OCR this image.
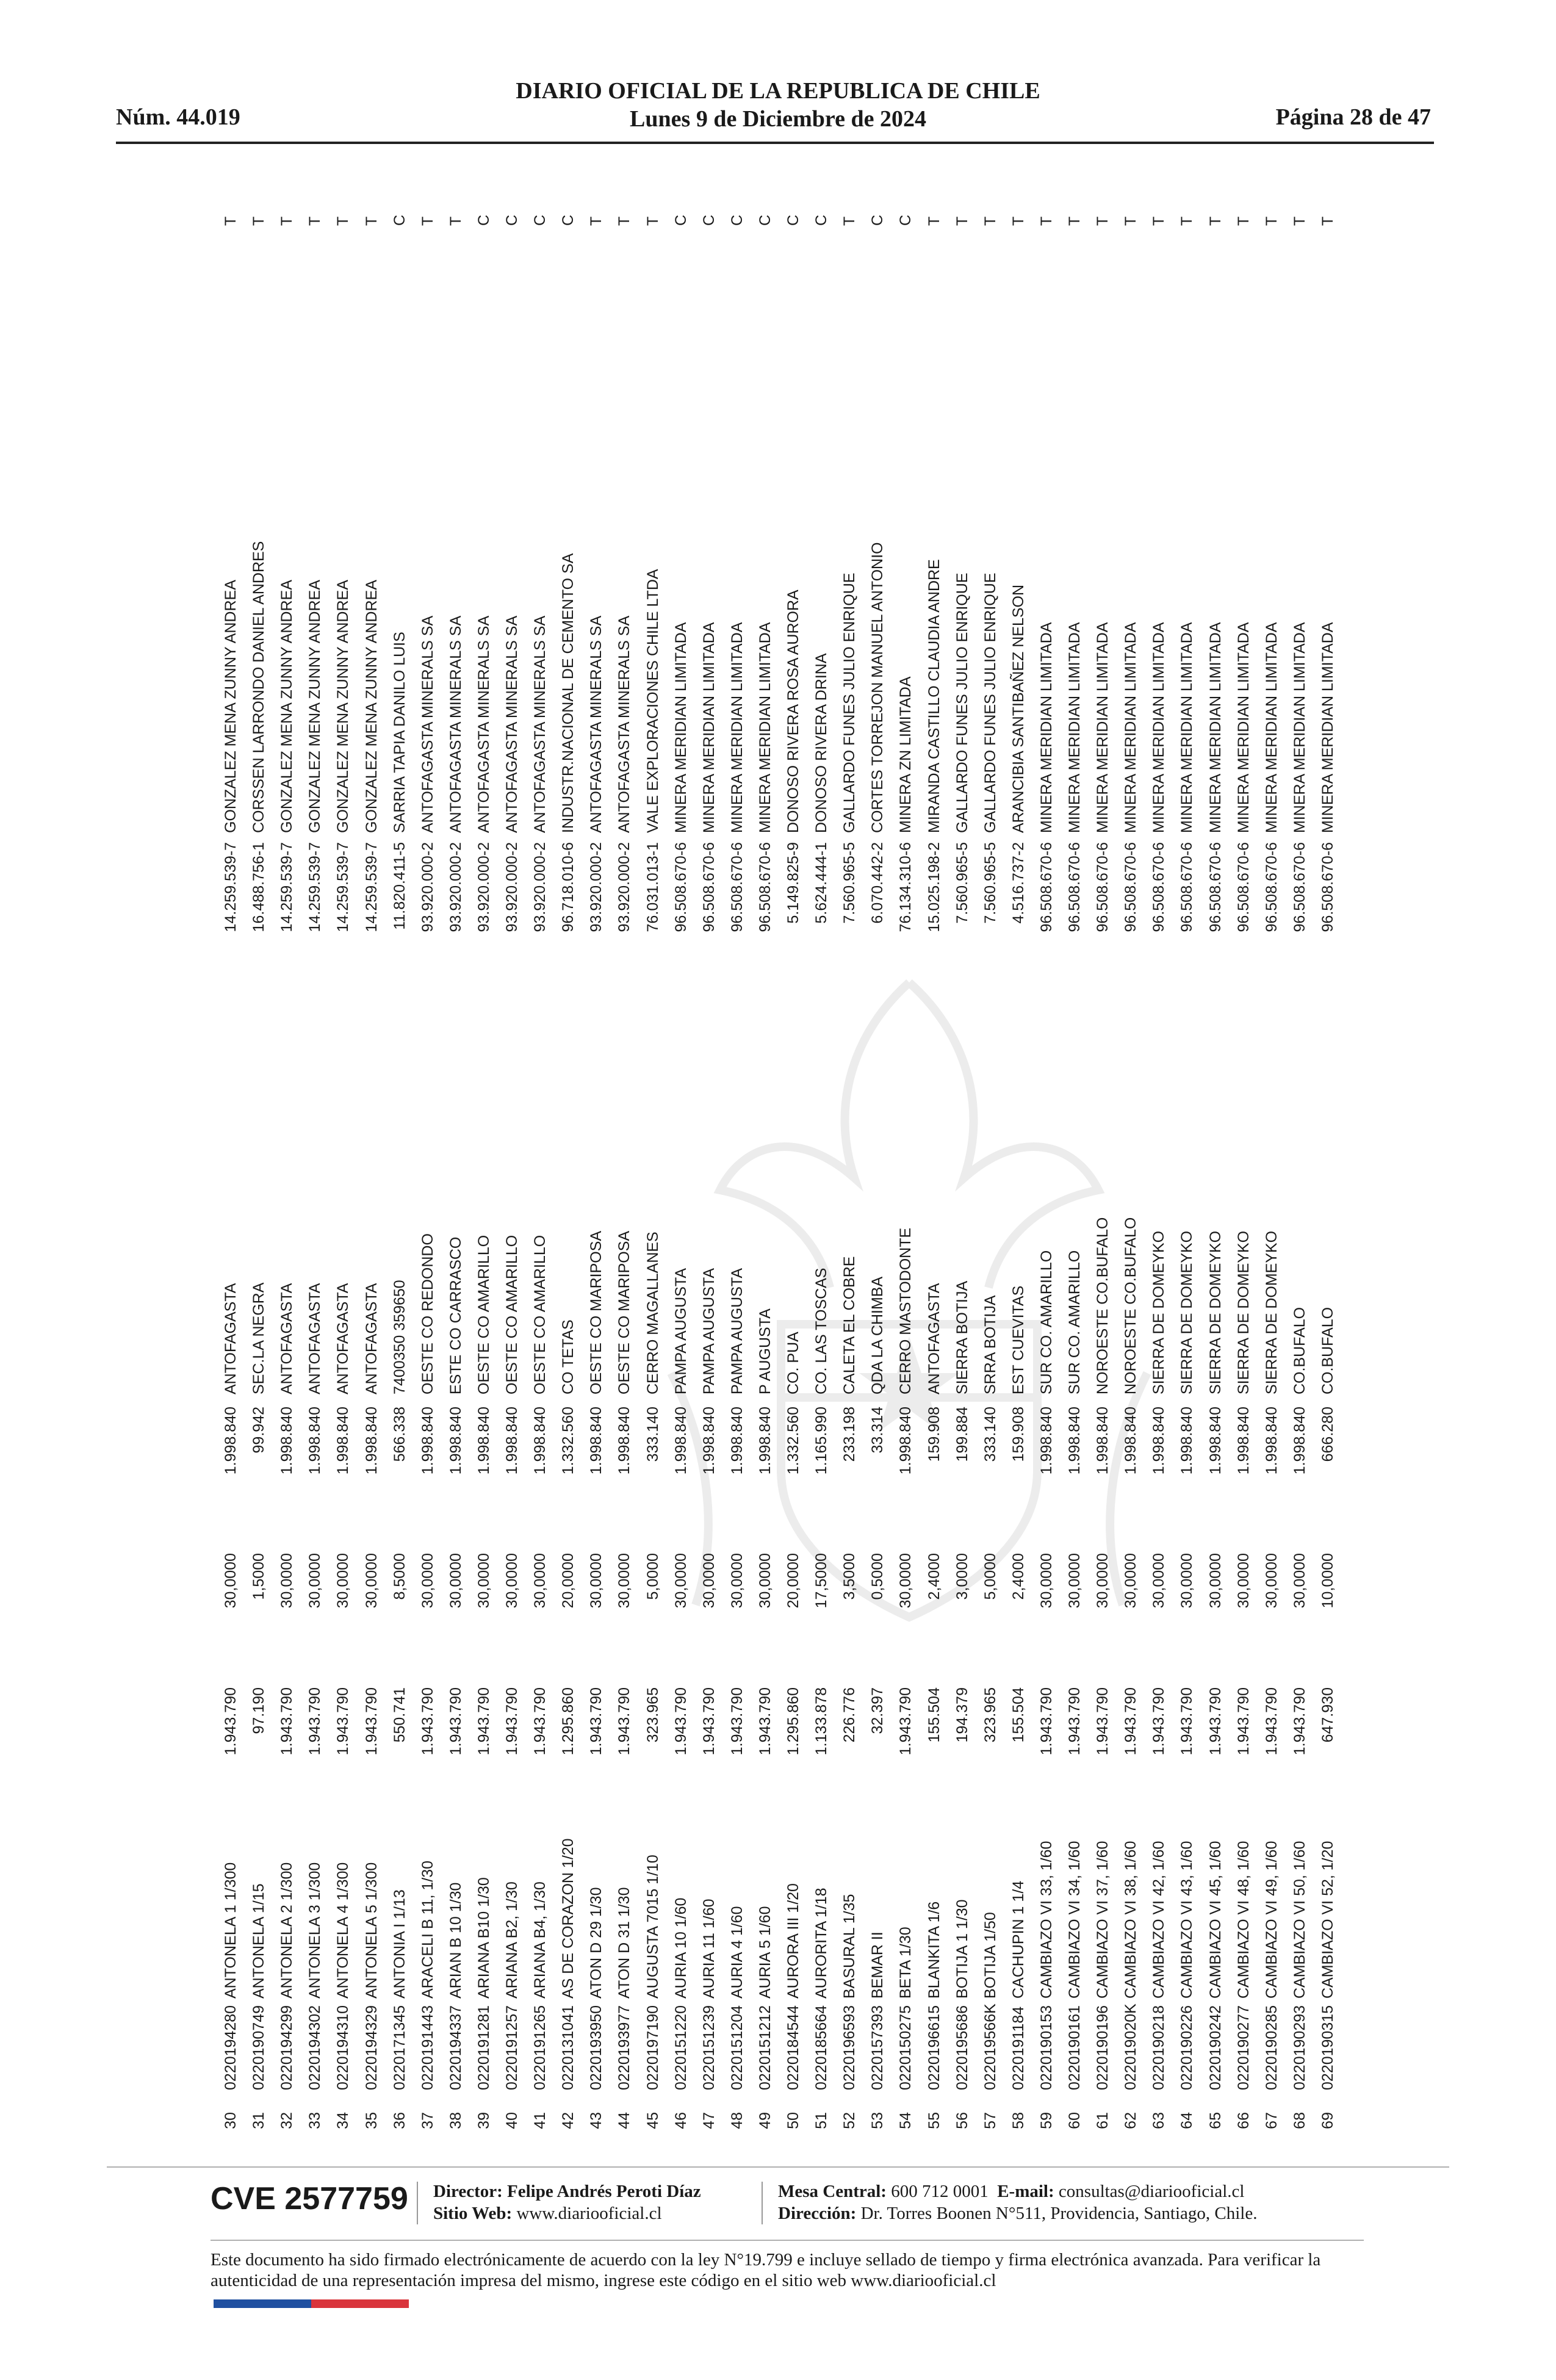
Núm. 44.019
DIARIO OFICIAL DE LA REPUBLICA DE CHILE
Lunes 9 de Diciembre de 2024	Página 28 de 47
30
0220194280
ANTONELA 1 1/300
1.943.790
30,0000
1.998.840
ANTOFAGASTA
14.259.539-7
GONZALEZ MENA ZUNNY ANDREA
T
31
0220190749
ANTONELA 1/15
97.190
1,5000
99.942
SEC.LA NEGRA
16.488.756-1
CORSSEN LARRONDO DANIEL ANDRES
T
32
0220194299
ANTONELA 2 1/300
1.943.790
30,0000
1.998.840
ANTOFAGASTA
14.259.539-7
GONZALEZ MENA ZUNNY ANDREA
T
33
0220194302
ANTONELA 3 1/300
1.943.790
30,0000
1.998.840
ANTOFAGASTA
14.259.539-7
GONZALEZ MENA ZUNNY ANDREA
T
34
0220194310
ANTONELA 4 1/300
1.943.790
30,0000
1.998.840
ANTOFAGASTA
14.259.539-7
GONZALEZ MENA ZUNNY ANDREA
T
35
0220194329
ANTONELA 5 1/300
1.943.790
30,0000
1.998.840
ANTOFAGASTA
14.259.539-7
GONZALEZ MENA ZUNNY ANDREA
T
36
0220171345
ANTONIA I 1/13
550.741
8,5000
566.338
7400350 359650
11.820.411-5
SARRIA TAPIA DANILO LUIS
C
37
0220191443
ARACELI B 11, 1/30
1.943.790
30,0000
1.998.840
OESTE CO REDONDO
93.920.000-2
ANTOFAGASTA MINERALS SA
T
38
0220194337
ARIAN B 10 1/30
1.943.790
30,0000
1.998.840
ESTE CO CARRASCO
93.920.000-2
ANTOFAGASTA MINERALS SA
T
39
0220191281
ARIANA B10 1/30
1.943.790
30,0000
1.998.840
OESTE CO AMARILLO
93.920.000-2
ANTOFAGASTA MINERALS SA
C
40
0220191257
ARIANA B2, 1/30
1.943.790
30,0000
1.998.840
OESTE CO AMARILLO
93.920.000-2
ANTOFAGASTA MINERALS SA
C
41
0220191265
ARIANA B4, 1/30
1.943.790
30,0000
1.998.840
OESTE CO AMARILLO
93.920.000-2
ANTOFAGASTA MINERALS SA
C
42
0220131041
AS DE CORAZON 1/20
1.295.860
20,0000
1.332.560
CO TETAS
96.718.010-6
INDUSTR.NACIONAL DE CEMENTO SA
C
43
0220193950
ATON D 29 1/30
1.943.790
30,0000
1.998.840
OESTE CO MARIPOSA
93.920.000-2
ANTOFAGASTA MINERALS SA
T
44
0220193977
ATON D 31 1/30
1.943.790
30,0000
1.998.840
OESTE CO MARIPOSA
93.920.000-2
ANTOFAGASTA MINERALS SA
T
45
0220197190
AUGUSTA 7015 1/10
323.965
5,0000
333.140
CERRO MAGALLANES
76.031.013-1
VALE EXPLORACIONES CHILE LTDA
T
46
0220151220
AURIA 10 1/60
1.943.790
30,0000
1.998.840
PAMPA AUGUSTA
96.508.670-6
MINERA MERIDIAN LIMITADA
C
47
0220151239
AURIA 11 1/60
1.943.790
30,0000
1.998.840
PAMPA AUGUSTA
96.508.670-6
MINERA MERIDIAN LIMITADA
C
48
0220151204
AURIA 4 1/60
1.943.790
30,0000
1.998.840
PAMPA AUGUSTA
96.508.670-6
MINERA MERIDIAN LIMITADA
C
49
0220151212
AURIA 5 1/60
1.943.790
30,0000
1.998.840
P AUGUSTA
96.508.670-6
MINERA MERIDIAN LIMITADA
C
50
0220184544
AURORA III 1/20
1.295.860
20,0000
1.332.560
CO. PUA
5.149.825-9
DONOSO RIVERA ROSA AURORA
C
51
0220185664
AURORITA 1/18
1.133.878
17,5000
1.165.990
CO. LAS TOSCAS
5.624.444-1
DONOSO RIVERA DRINA
C
52
0220196593
BASURAL 1/35
226.776
3,5000
233.198
CALETA EL COBRE
7.560.965-5
GALLARDO FUNES JULIO ENRIQUE
T
53
0220157393
BEMAR II
32.397
0,5000
33.314
QDA LA CHIMBA
6.070.442-2
CORTES TORREJON MANUEL ANTONIO
C
54
0220150275
BETA 1/30
1.943.790
30,0000
1.998.840
CERRO MASTODONTE
76.134.310-6
MINERA ZN LIMITADA
C
55
0220196615
BLANKITA 1/6
155.504
2,4000
159.908
ANTOFAGASTA
15.025.198-2
MIRANDA CASTILLO CLAUDIA ANDRE
T
56
0220195686
BOTIJA 1 1/30
194.379
3,0000
199.884
SIERRA BOTIJA
7.560.965-5
GALLARDO FUNES JULIO ENRIQUE
T
57
022019566K
BOTIJA 1/50
323.965
5,0000
333.140
SRRA BOTIJA
7.560.965-5
GALLARDO FUNES JULIO ENRIQUE
T
58
0220191184
CACHUPIN 1 1/4
155.504
2,4000
159.908
EST CUEVITAS
4.516.737-2
ARANCIBIA SANTIBAÑEZ NELSON
T
59
0220190153
CAMBIAZO VI 33, 1/60
1.943.790
30,0000
1.998.840
SUR CO. AMARILLO
96.508.670-6
MINERA MERIDIAN LIMITADA
T
60
0220190161
CAMBIAZO VI 34, 1/60
1.943.790
30,0000
1.998.840
SUR CO. AMARILLO
96.508.670-6
MINERA MERIDIAN LIMITADA
T
61
0220190196
CAMBIAZO VI 37, 1/60
1.943.790
30,0000
1.998.840
NOROESTE CO.BUFALO
96.508.670-6
MINERA MERIDIAN LIMITADA
T
62
022019020K
CAMBIAZO VI 38, 1/60
1.943.790
30,0000
1.998.840
NOROESTE CO.BUFALO
96.508.670-6
MINERA MERIDIAN LIMITADA
T
63
0220190218
CAMBIAZO VI 42, 1/60
1.943.790
30,0000
1.998.840
SIERRA DE DOMEYKO
96.508.670-6
MINERA MERIDIAN LIMITADA
T
64
0220190226
CAMBIAZO VI 43, 1/60
1.943.790
30,0000
1.998.840
SIERRA DE DOMEYKO
96.508.670-6
MINERA MERIDIAN LIMITADA
T
65
0220190242
CAMBIAZO VI 45, 1/60
1.943.790
30,0000
1.998.840
SIERRA DE DOMEYKO
96.508.670-6
MINERA MERIDIAN LIMITADA
T
66
0220190277
CAMBIAZO VI 48, 1/60
1.943.790
30,0000
1.998.840
SIERRA DE DOMEYKO
96.508.670-6
MINERA MERIDIAN LIMITADA
T
67
0220190285
CAMBIAZO VI 49, 1/60
1.943.790
30,0000
1.998.840
SIERRA DE DOMEYKO
96.508.670-6
MINERA MERIDIAN LIMITADA
T
68
0220190293
CAMBIAZO VI 50, 1/60
1.943.790
30,0000
1.998.840
CO.BUFALO
96.508.670-6
MINERA MERIDIAN LIMITADA
T
69
0220190315
CAMBIAZO VI 52, 1/20
647.930
10,0000
666.280
CO.BUFALO
96.508.670-6
MINERA MERIDIAN LIMITADA
T
CVE 2577759 Director: Felipe Andrés Peroti Díaz
Sitio Web: www.diariooficial.cl
Mesa Central: 600 712 0001 E-mail: consultas@diariooficial.cl
Dirección: Dr. Torres Boonen N°511, Providencia, Santiago, Chile.
Este documento ha sido firmado electrónicamente de acuerdo con la ley N°19.799 e incluye sellado de tiempo y firma electrónica avanzada. Para verificar la autenticidad de una representación impresa del mismo, ingrese este código en el sitio web www.diariooficial.cl
